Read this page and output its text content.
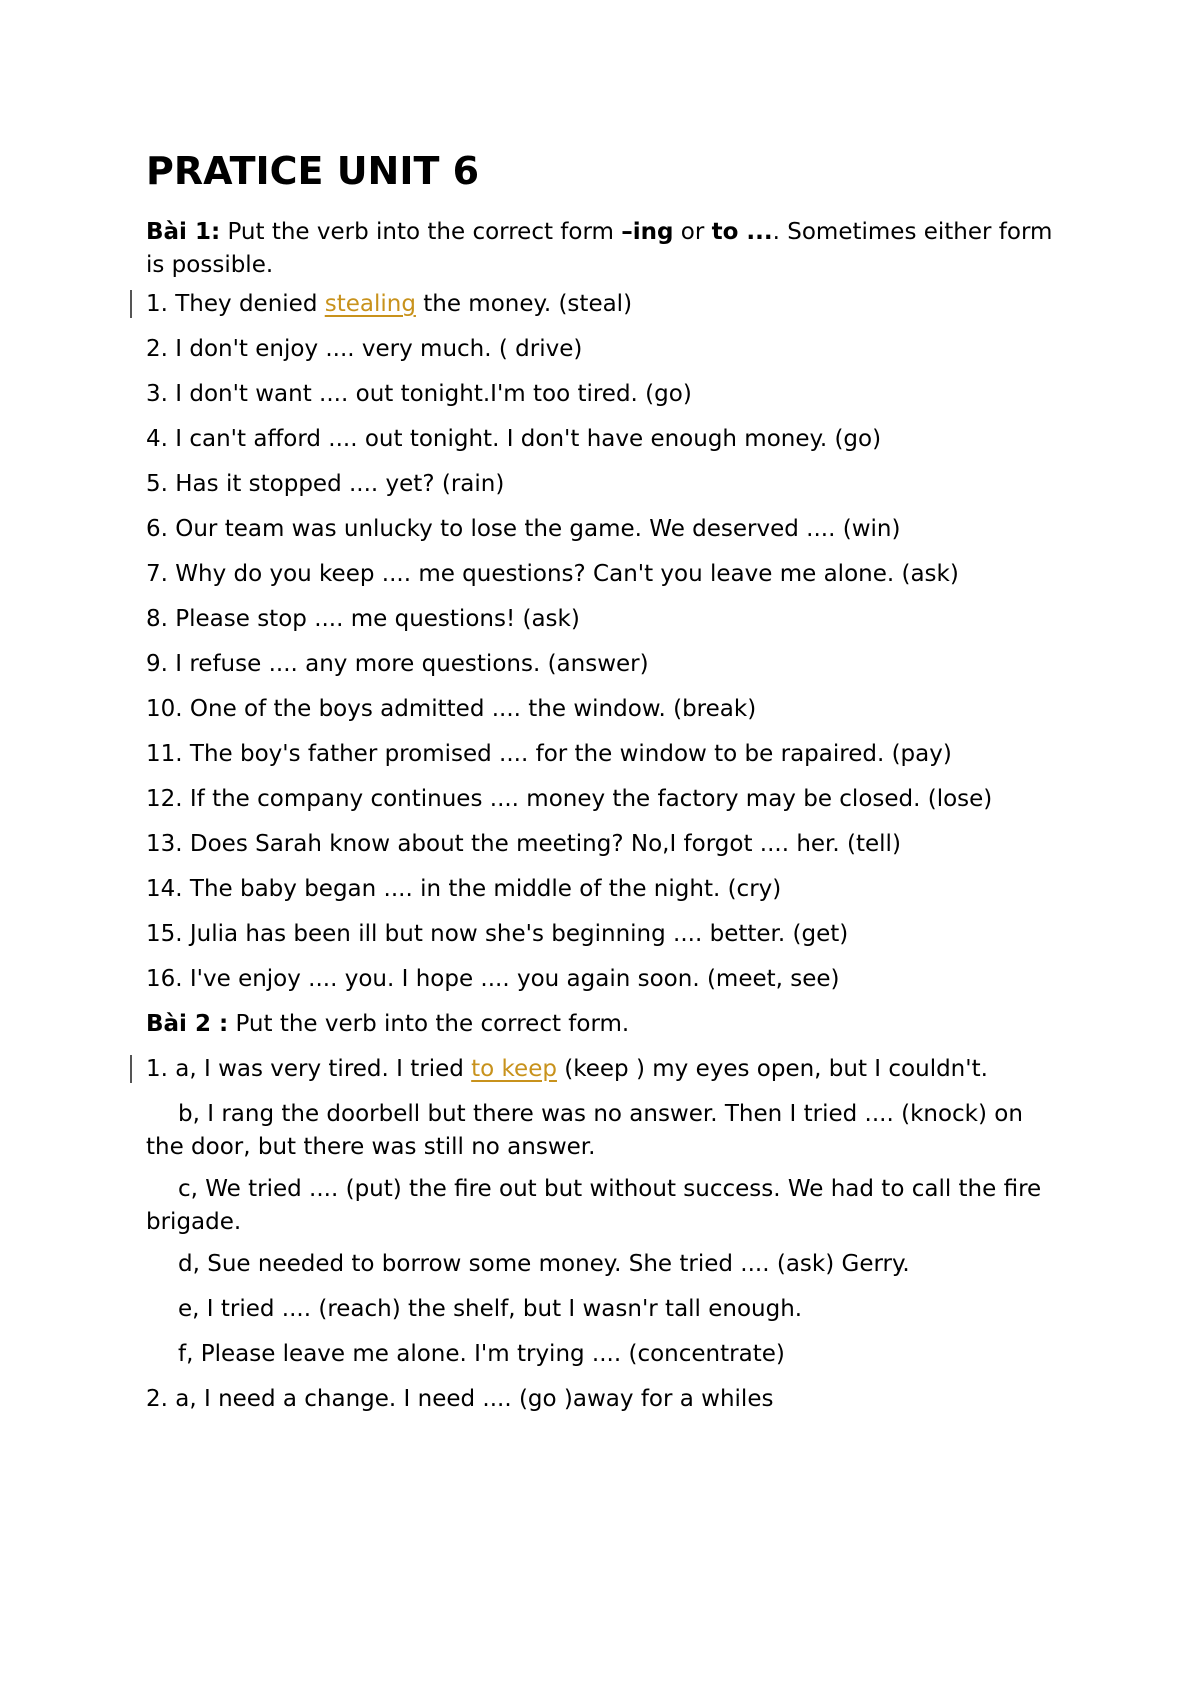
PRATICE UNIT 6

Bài 1: Put the verb into the correct form –ing or to .... Sometimes either form is possible.

1. They denied stealing the money. (steal)

2. I don't enjoy .... very much. ( drive)

3. I don't want .... out tonight.I'm too tired. (go)

4. I can't afford .... out tonight. I don't have enough money. (go)

5. Has it stopped .... yet? (rain)

6. Our team was unlucky to lose the game. We deserved .... (win)

7. Why do you keep .... me questions? Can't you leave me alone. (ask)

8. Please stop .... me questions! (ask)

9. I refuse .... any more questions. (answer)

10. One of the boys admitted .... the window. (break)

11. The boy's father promised .... for the window to be rapaired. (pay)

12. If the company continues .... money the factory may be closed. (lose)

13. Does Sarah know about the meeting? No,I forgot .... her. (tell)

14. The baby began .... in the middle of the night. (cry)

15. Julia has been ill but now she's beginning .... better. (get)

16. I've enjoy .... you. I hope .... you again soon. (meet, see)

Bài 2 : Put the verb into the correct form.

1. a, I was very tired. I tried to keep (keep ) my eyes open, but I couldn't.

b, I rang the doorbell but there was no answer. Then I tried .... (knock) on the door, but there was still no answer.

c, We tried .... (put) the fire out but without success. We had to call the fire brigade.

d, Sue needed to borrow some money. She tried .... (ask) Gerry.

e, I tried .... (reach) the shelf, but I wasn'r tall enough.

f, Please leave me alone. I'm trying .... (concentrate)

2. a, I need a change. I need .... (go )away for a whiles
